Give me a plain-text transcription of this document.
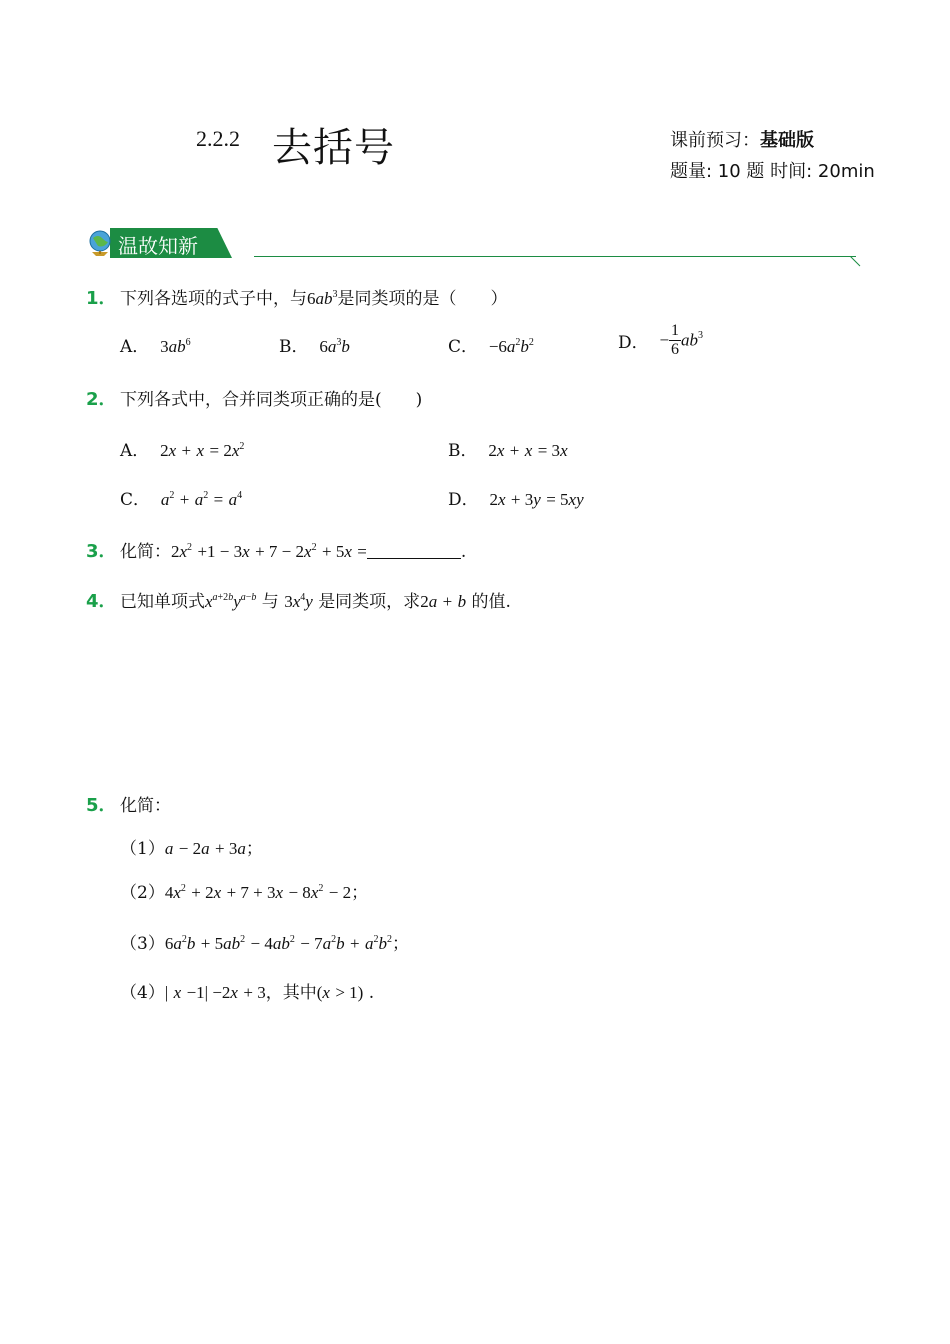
2.2.2 去括号	课前预习：基础版
题量: 10 题 时间: 20min
温故知新
1． 下列各选项的式子中，与$6ab^3$是同类项的是（　　）
A． $3ab^6$	B． $6a^3b$	C． $-6a^2b^2$	D． − $\frac{1}{6} ab^3$
2． 下列各式中，合并同类项正确的是(　　)
A． $2x + x = 2x^2$	B． 2x + x = 3x
C． $a^2 + a^2 = a^4$	D． 2x + 3y = 5xy
3． 化简：$2x^2 +1 - 3x + 7 - 2x^2 + 5x$ =	.
4． 已知单项式$x^{a+2b}y^{a-b}$ 与 $3x^4y$ 是同类项，求2a + b 的值.
5． 化简：
（1）a − 2a + 3a；
$(2)4x^2 + 2x + 7 + 3x - 8x^2 - 2$；
$(3)6a^2b + 5ab^2 - 4ab^2 - 7a^2b + a^2b^2$；
（4）| x −1| −2x + 3，其中(x > 1) .
